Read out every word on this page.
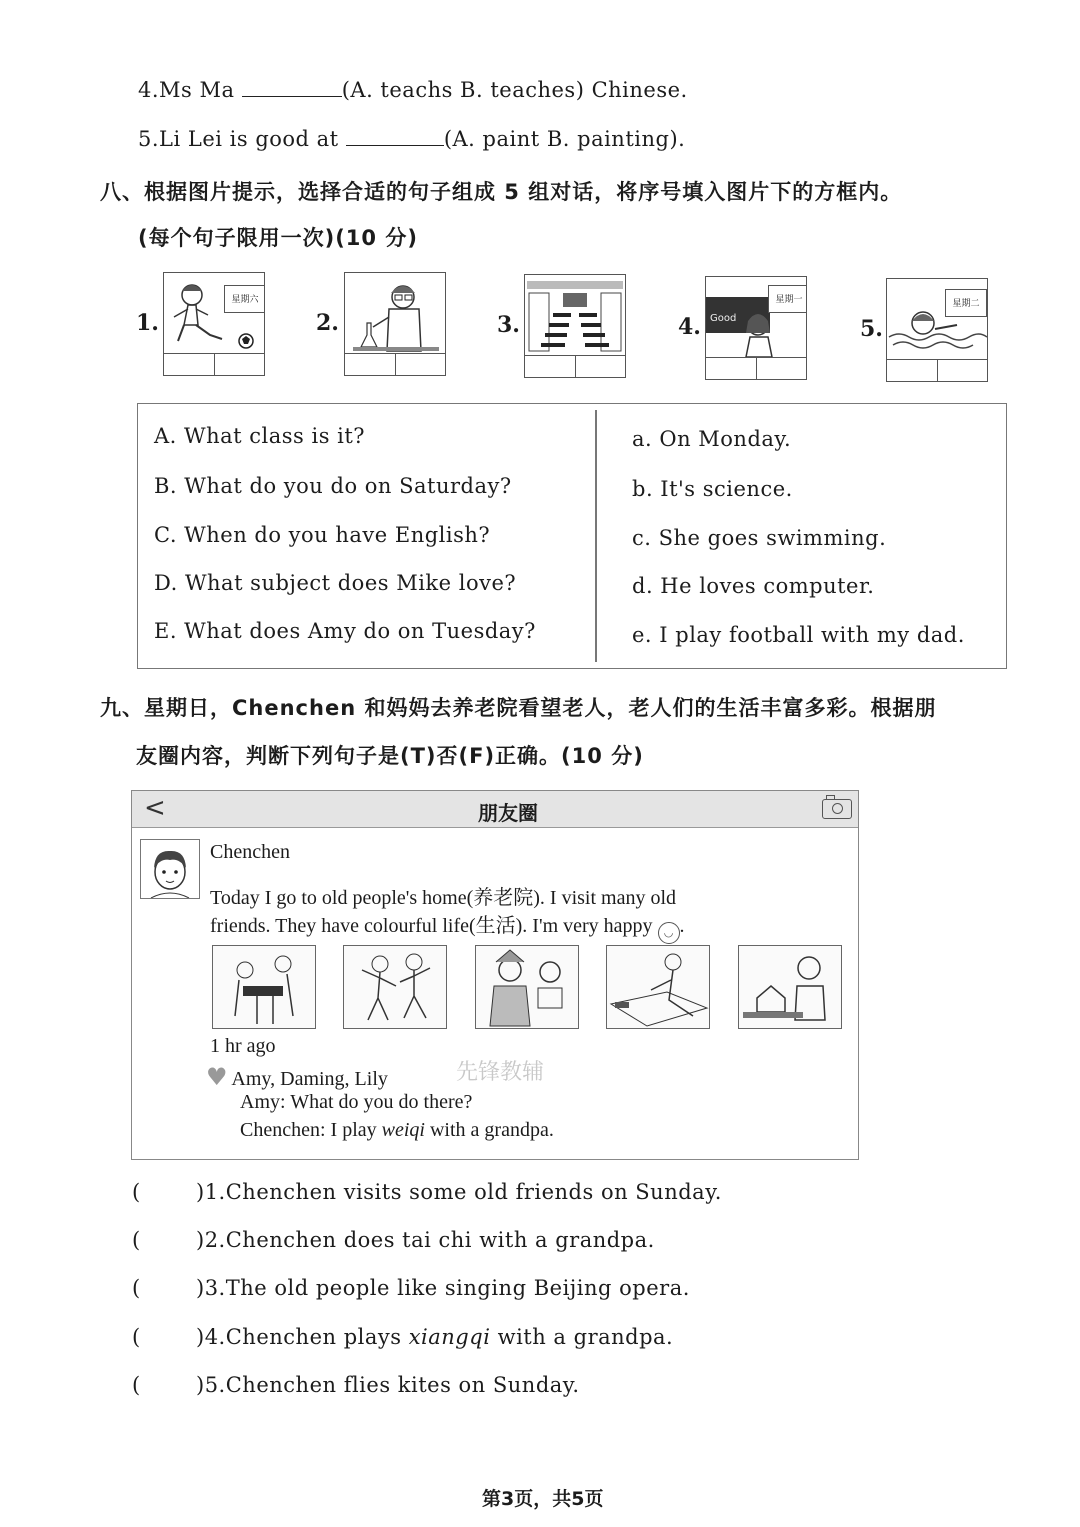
4.Ms Ma	(A. teachs B. teaches) Chinese.
5.Li Lei is good at	(A. paint B. painting).
八、根据图片提示，选择合适的句子组成 5 组对话，将序号填入图片下的方框内。
(每个句子限用一次)(10 分)
1.
星期六
2.	3.	4. Good
星期一
5.
星期二
A. What class is it?
B. What do you do on Saturday?
C. When do you have English?
D. What subject does Mike love?
E. What does Amy do on Tuesday?
a. On Monday.
b. It's science.
c. She goes swimming.
d. He loves computer.
e. I play football with my dad.
九、星期日，Chenchen 和妈妈去养老院看望老人，老人们的生活丰富多彩。根据朋
友圈内容，判断下列句子是(T)否(F)正确。(10 分)
<	朋友圈
Chenchen
Today I go to old people's home(养老院). I visit many old
friends. They have colourful life(生活). I'm very happy ◡ .
1 hr ago
♥ Amy, Daming, Lily	先锋教辅
Amy: What do you do there?
Chenchen: I play weiqi with a grandpa.
(	)1.Chenchen visits some old friends on Sunday.
(	)2.Chenchen does tai chi with a grandpa.
(	)3.The old people like singing Beijing opera.
(	)4.Chenchen plays xiangqi with a grandpa.
(	)5.Chenchen flies kites on Sunday.
第3页，共5页
